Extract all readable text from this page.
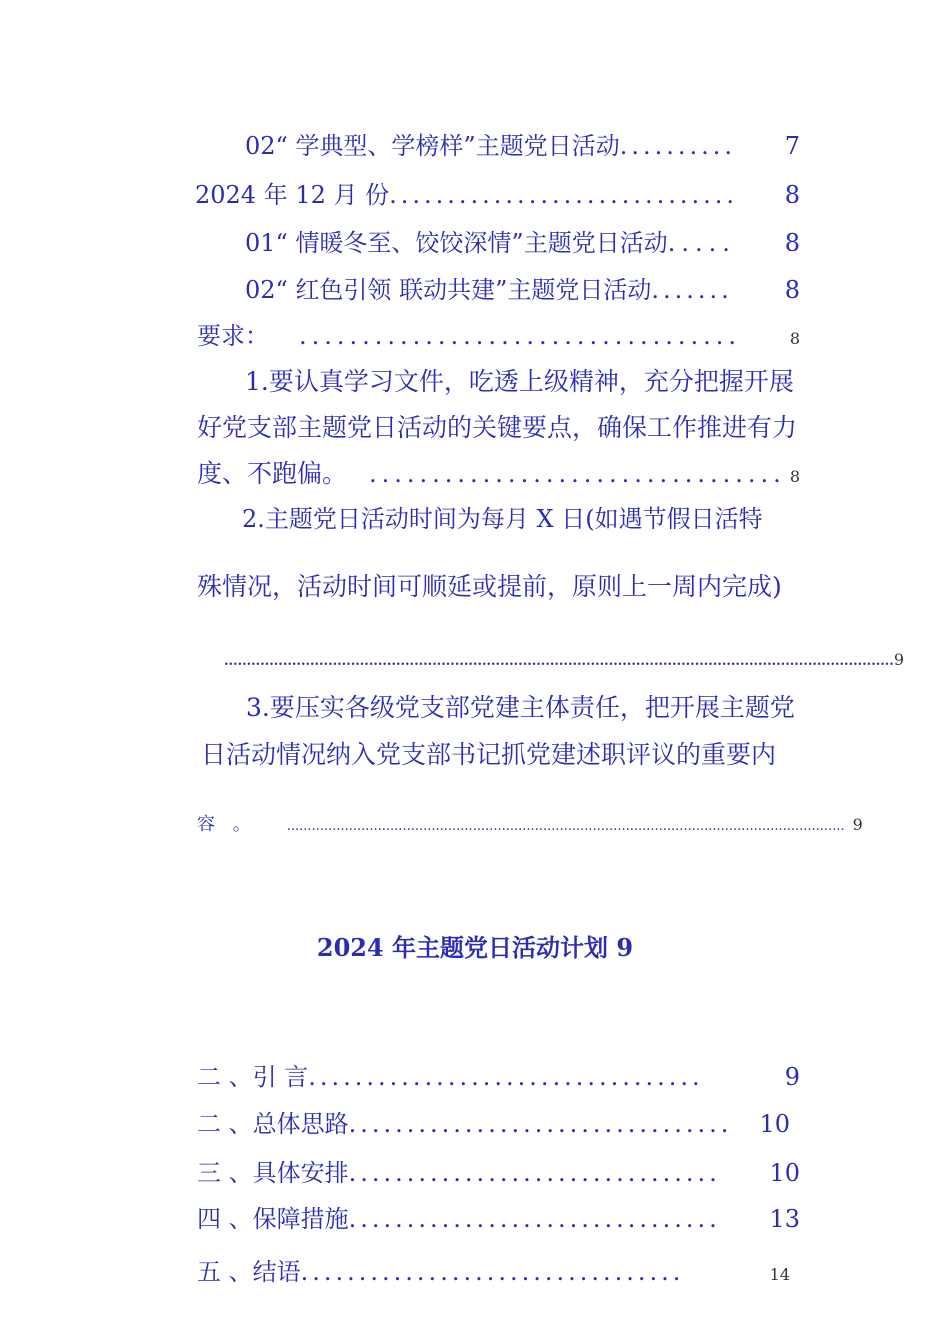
02“ 学典型、学榜样”主题党日活动 ..........	7
2024 年 12 月 份 ..............................	8
01“ 情暖冬至、饺饺深情”主题党日活动 .....	8
02“ 红色引领 联动共建”主题党日活动 .......	8
要求： ...................................	8
1.要认真学习文件，吃透上级精神，充分把握开展
好党支部主题党日活动的关键要点，确保工作推进有力
度、不跑偏。 ................................. 8
2.主题党日活动时间为每月 X 日(如遇节假日活特
殊情况，活动时间可顺延或提前，原则上一周内完成)
.................................................................................................................................................... 9
3.要压实各级党支部党建主体责任，把开展主题党
日活动情况纳入党支部书记抓党建述职评议的重要内
容 。 ....................................................................................................................................... 9
2024 年主题党日活动计划 9
二 、引 言 ..................................	9
二 、总体思路 .................................	10
三 、具体安排 ................................	10
四 、保障措施 ................................	13
五 、结语 .................................	14
